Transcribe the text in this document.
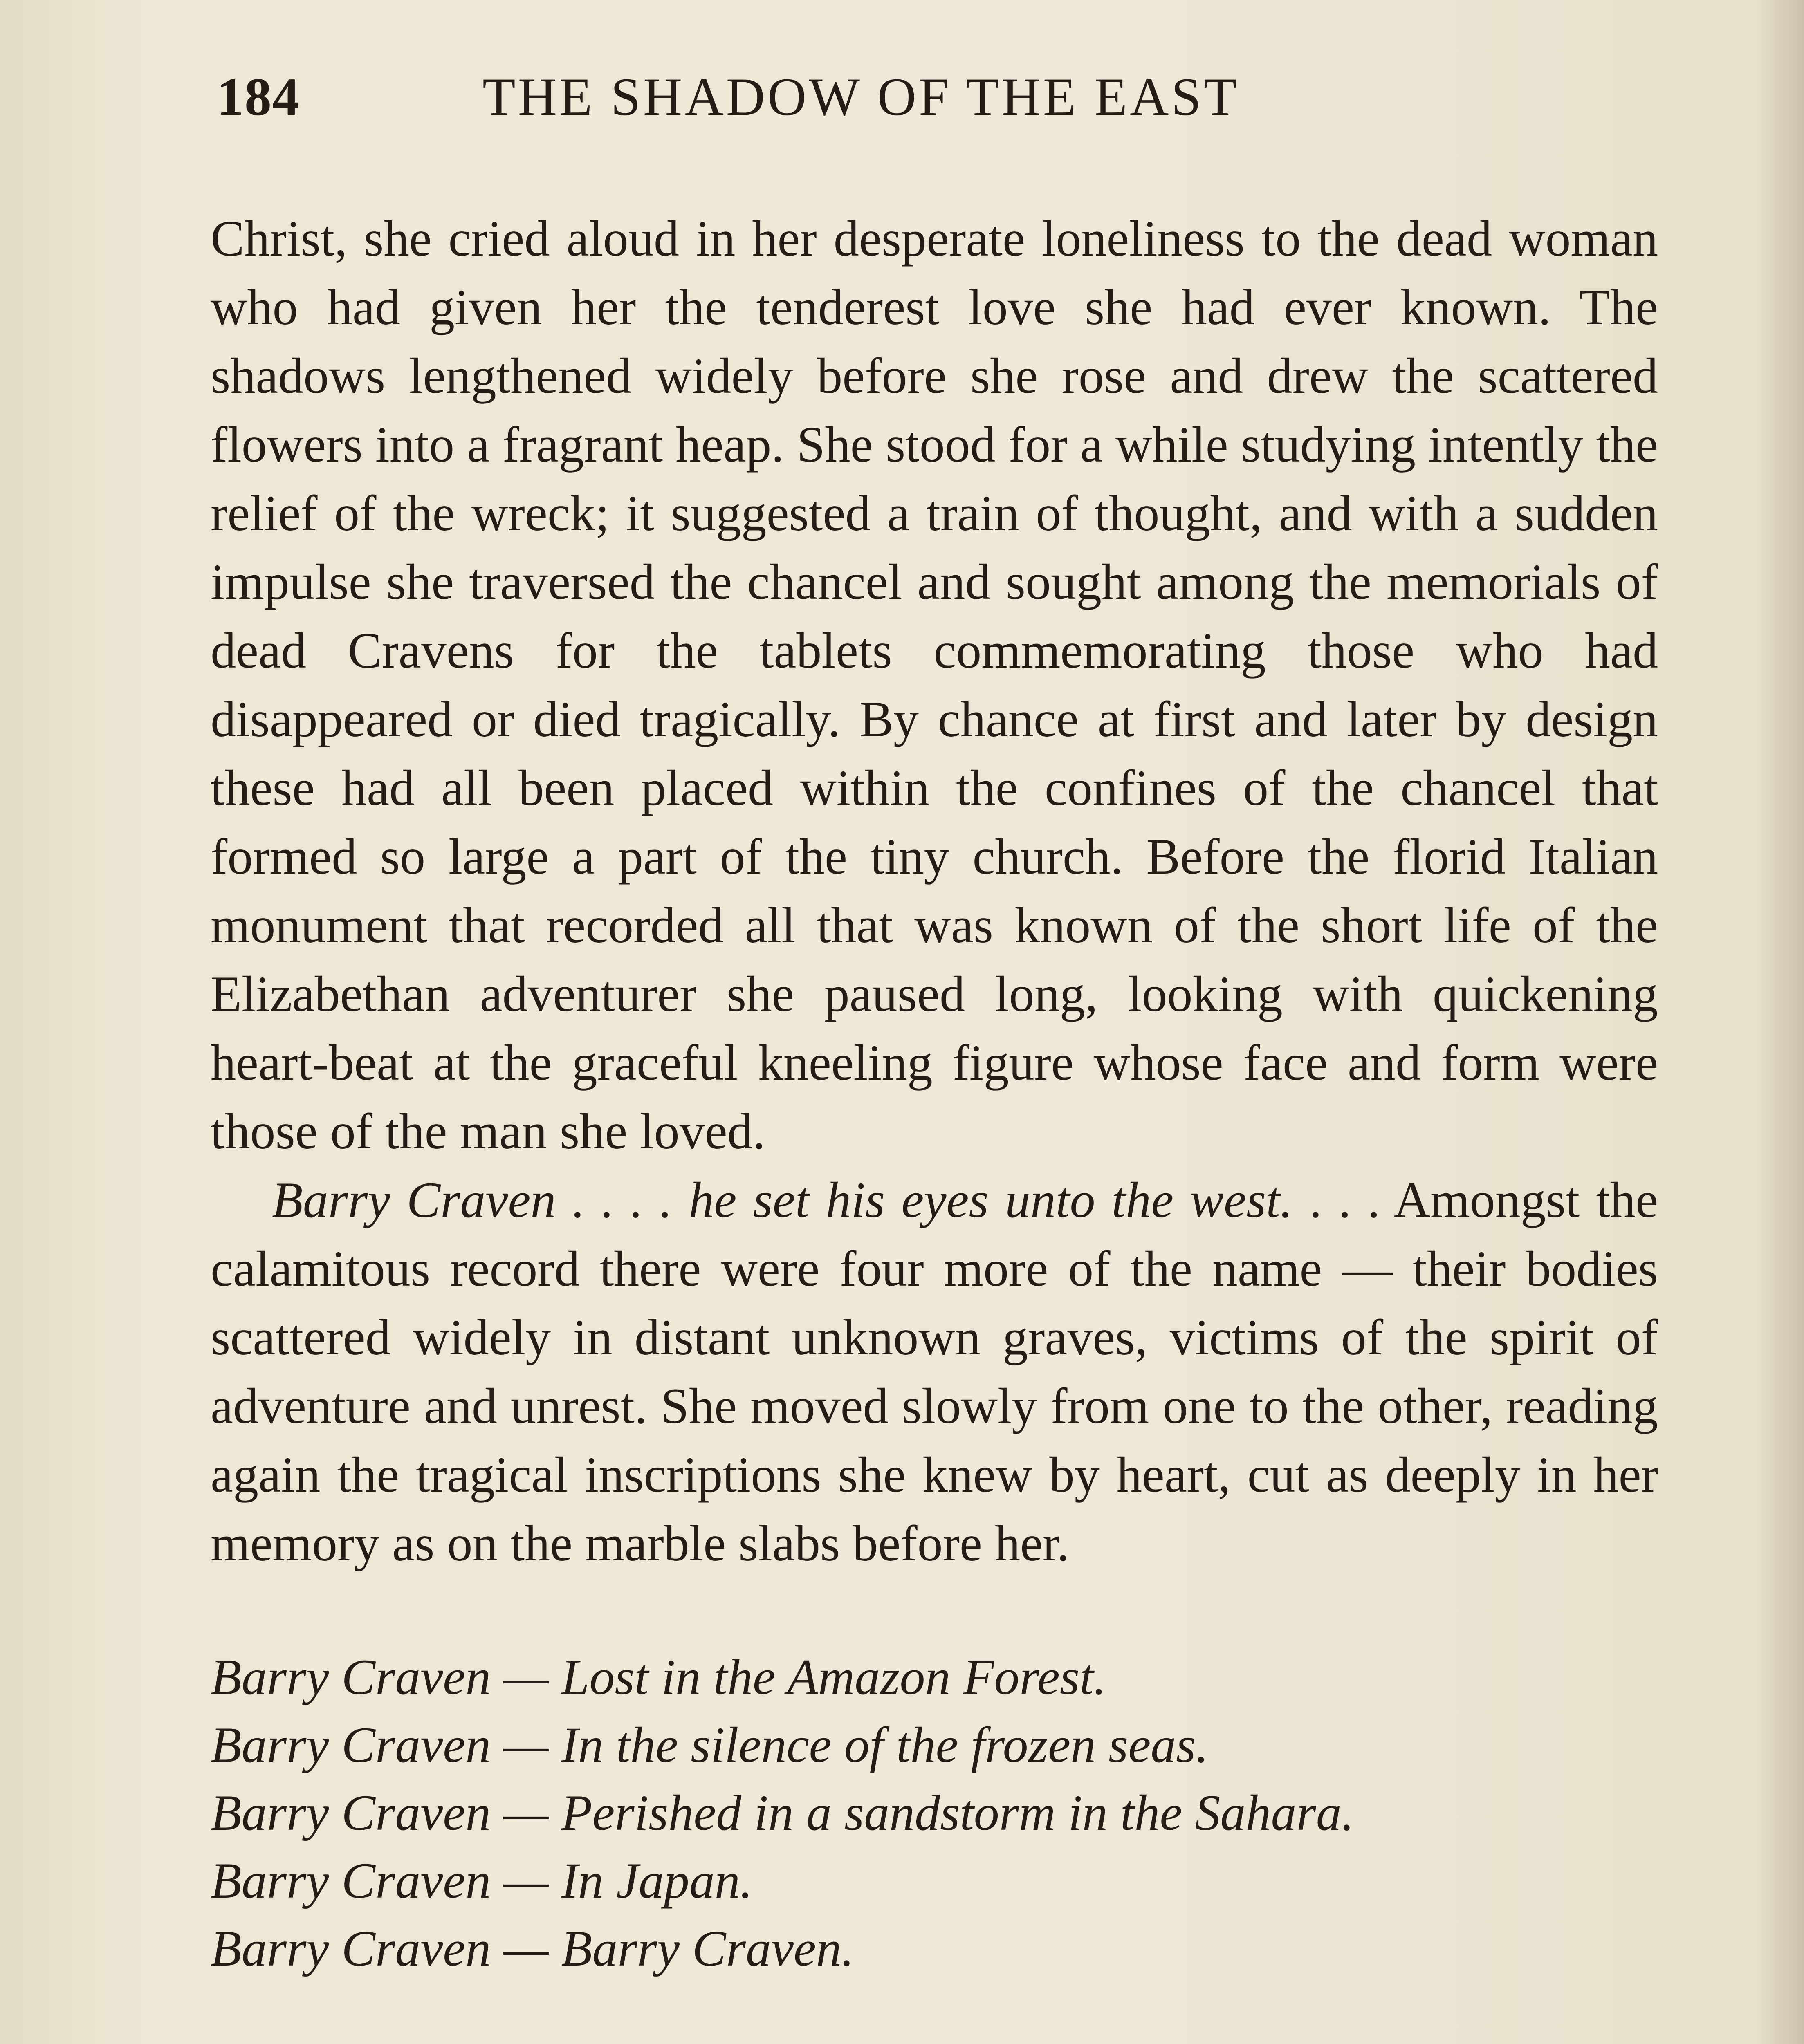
184	THE SHADOW OF THE EAST

Christ, she cried aloud in her desperate loneliness to the dead woman who had given her the tenderest love she had ever known. The shadows lengthened widely before she rose and drew the scattered flowers into a fragrant heap. She stood for a while studying intently the relief of the wreck; it suggested a train of thought, and with a sudden impulse she traversed the chancel and sought among the memorials of dead Cravens for the tablets commemorating those who had disappeared or died tragically. By chance at first and later by design these had all been placed within the confines of the chancel that formed so large a part of the tiny church. Before the florid Italian monument that recorded all that was known of the short life of the Elizabethan adventurer she paused long, looking with quickening heart-beat at the graceful kneeling figure whose face and form were those of the man she loved.

Barry Craven . . . . he set his eyes unto the west. . . . Amongst the calamitous record there were four more of the name — their bodies scattered widely in distant unknown graves, victims of the spirit of adventure and unrest. She moved slowly from one to the other, reading again the tragical inscriptions she knew by heart, cut as deeply in her memory as on the marble slabs before her.

Barry Craven — Lost in the Amazon Forest.
Barry Craven — In the silence of the frozen seas.
Barry Craven — Perished in a sandstorm in the Sahara.
Barry Craven — In Japan.
Barry Craven — Barry Craven.
